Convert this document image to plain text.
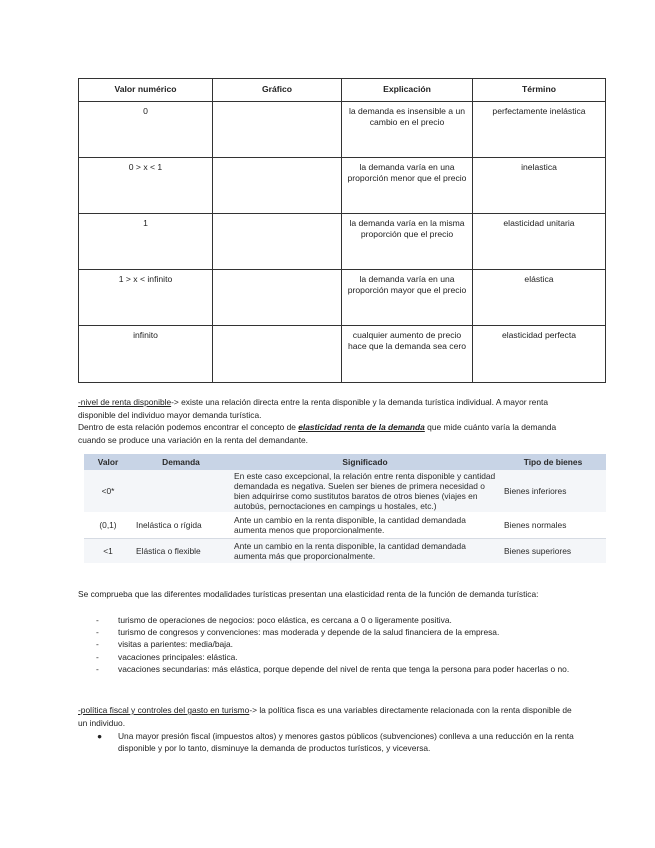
Valor numérico	Gráfico	Explicación	Término
0		la demanda es insensible a un cambio en el precio	perfectamente inelástica
0 > x < 1		la demanda varía en una proporción menor que el precio	inelastica
1		la demanda varía en la misma proporción que el precio	elasticidad unitaria
1 > x < infinito		la demanda varía en una proporción mayor que el precio	elástica
infinito		cualquier aumento de precio hace que la demanda sea cero	elasticidad perfecta
-nivel de renta disponible-> existe una relación directa entre la renta disponible y la demanda turística individual. A mayor renta disponible del individuo mayor demanda turística.
Dentro de esta relación podemos encontrar el concepto de elasticidad renta de la demanda que mide cuánto varía la demanda cuando se produce una variación en la renta del demandante.
Valor	Demanda	Significado	Tipo de bienes
<0*		En este caso excepcional, la relación entre renta disponible y cantidad demandada es negativa. Suelen ser bienes de primera necesidad o bien adquirirse como sustitutos baratos de otros bienes (viajes en autobús, pernoctaciones en campings u hostales, etc.)	Bienes inferiores
(0,1)	Inelástica o rígida	Ante un cambio en la renta disponible, la cantidad demandada aumenta menos que proporcionalmente.	Bienes normales
<1	Elástica o flexible	Ante un cambio en la renta disponible, la cantidad demandada aumenta más que proporcionalmente.	Bienes superiores
Se comprueba que las diferentes modalidades turísticas presentan una elasticidad renta de la función de demanda turística:
- turismo de operaciones de negocios: poco elástica, es cercana a 0 o ligeramente positiva.
- turismo de congresos y convenciones: mas moderada y depende de la salud financiera de la empresa.
- visitas a parientes: media/baja.
- vacaciones principales: elástica.
- vacaciones secundarias: más elástica, porque depende del nivel de renta que tenga la persona para poder hacerlas o no.
-política fiscal y controles del gasto en turismo-> la política fisca es una variables directamente relacionada con la renta disponible de un individuo.
● Una mayor presión fiscal (impuestos altos) y menores gastos públicos (subvenciones) conlleva a una reducción en la renta disponible y por lo tanto, disminuye la demanda de productos turísticos, y viceversa.
